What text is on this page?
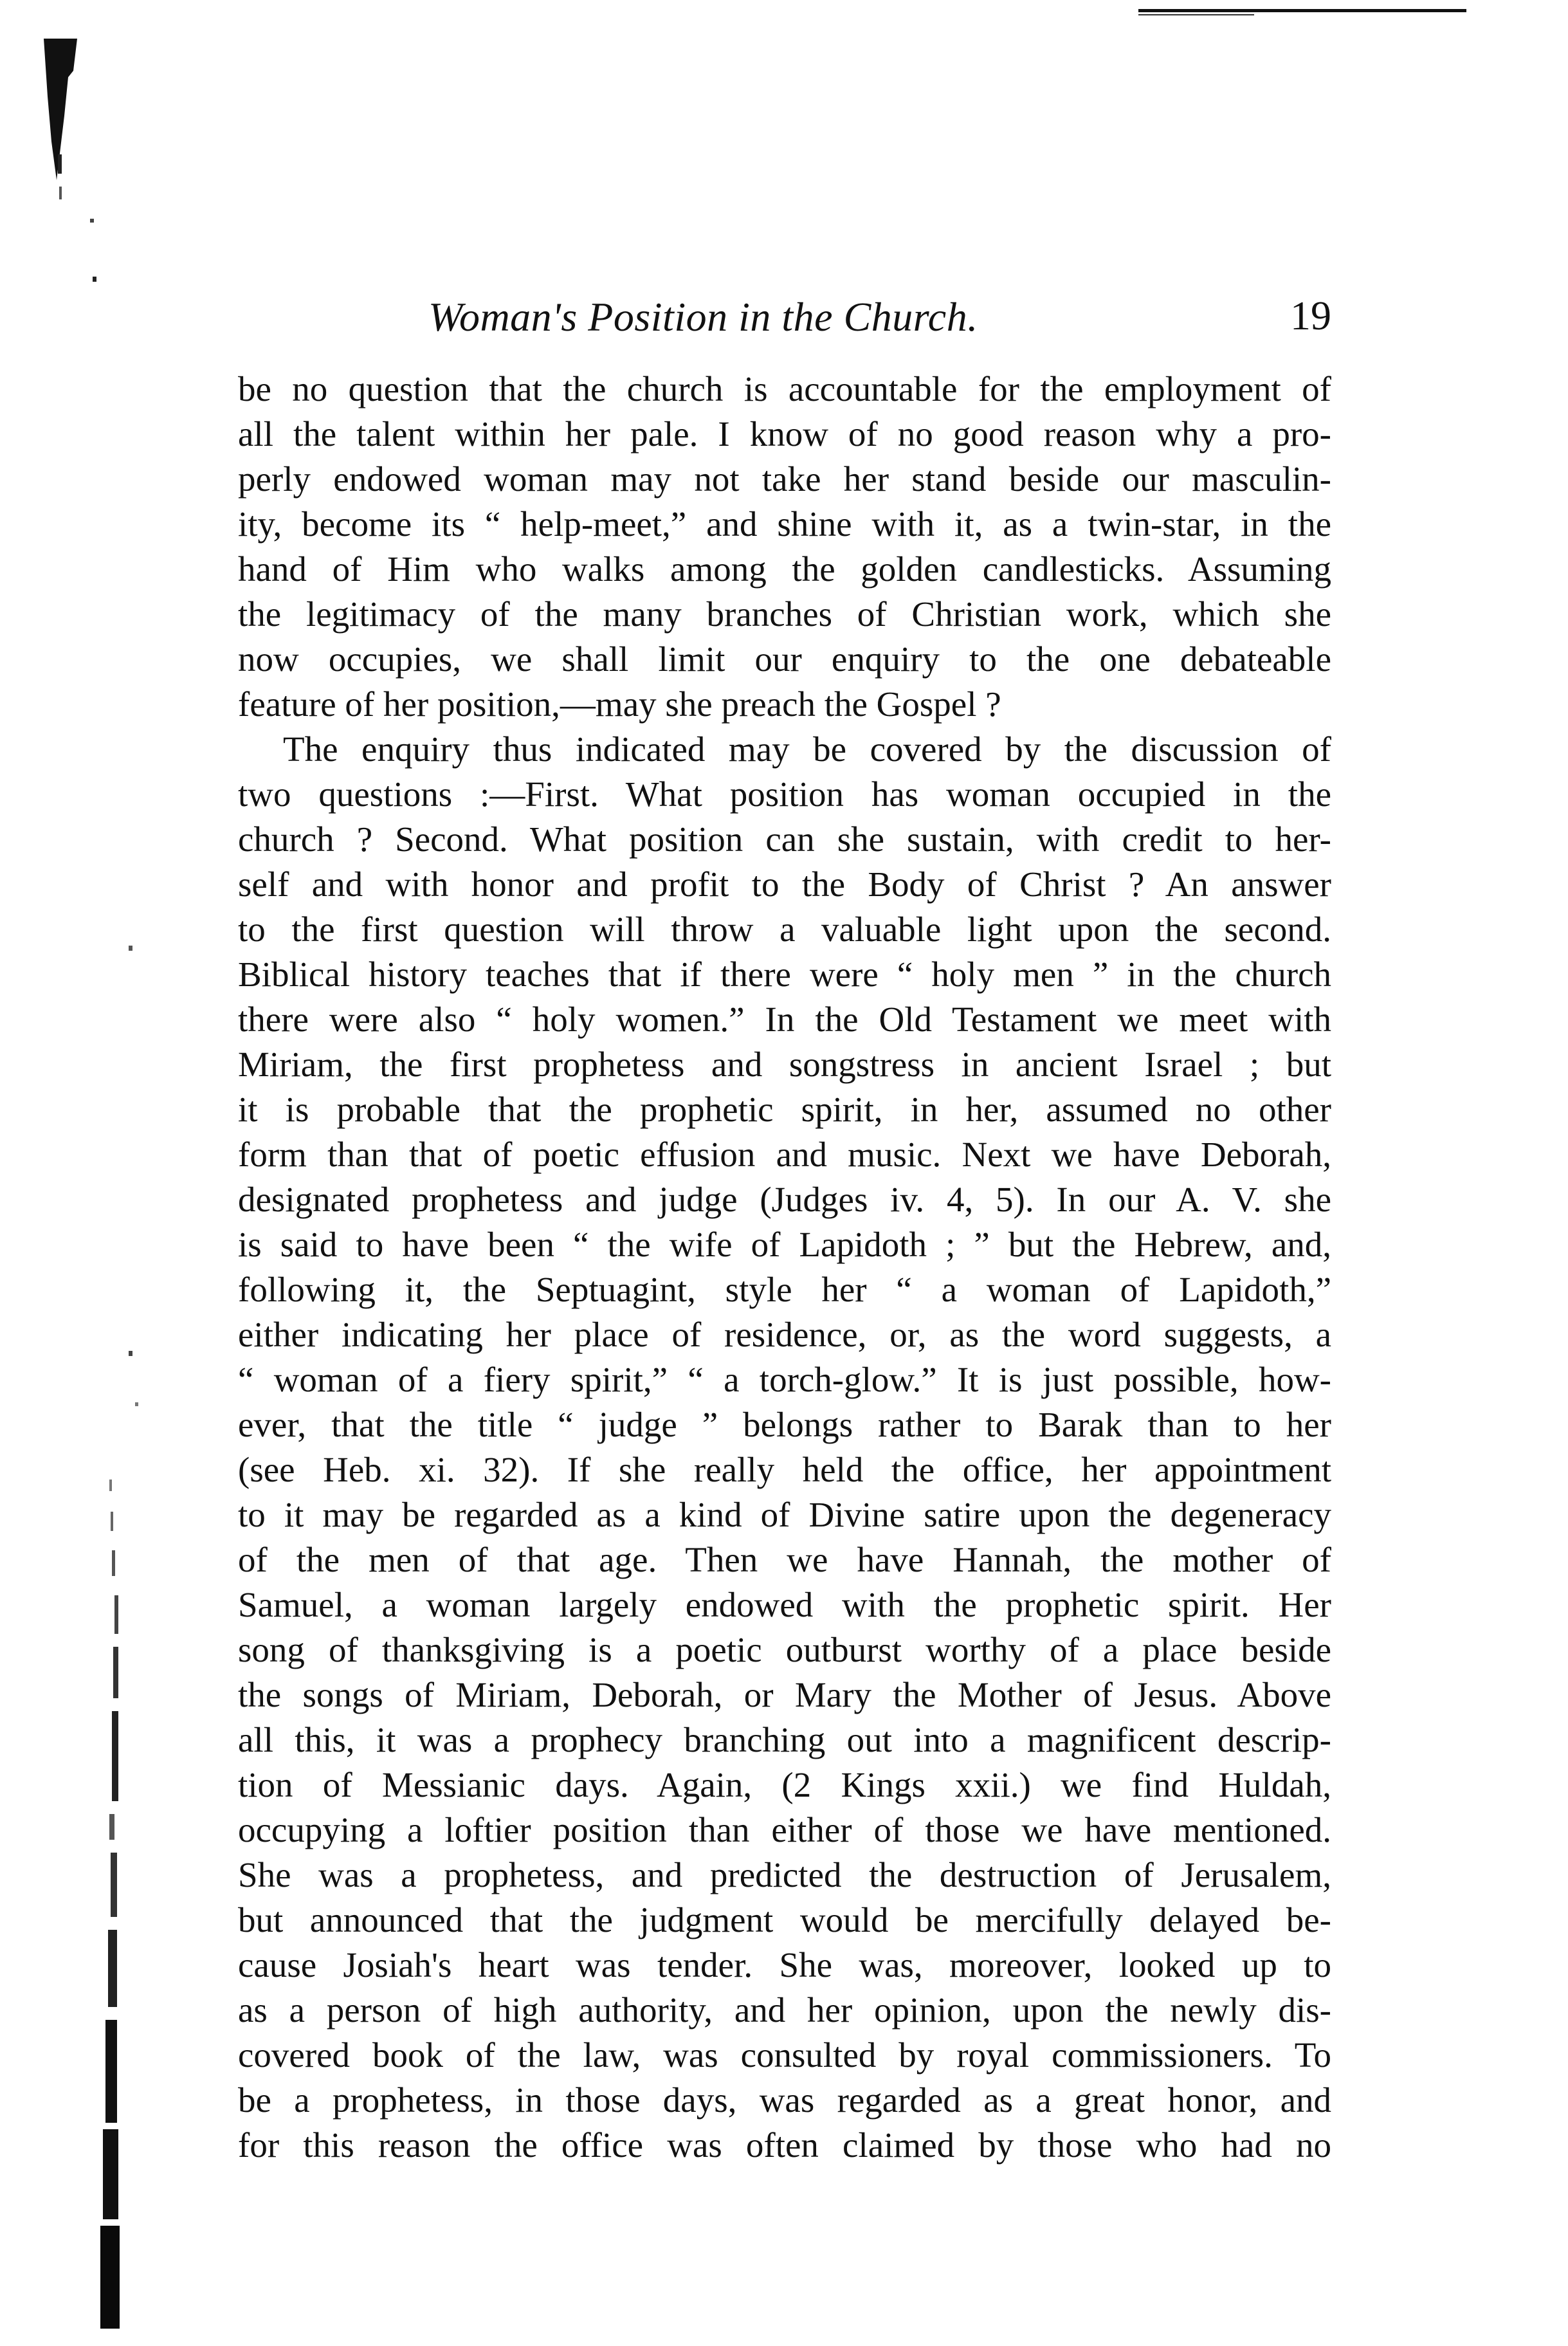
Woman's Position in the Church.	19
be no question that the church is accountable for the employment of
all the talent within her pale. I know of no good reason why a pro-
perly endowed woman may not take her stand beside our masculin-
ity, become its “ help-meet,” and shine with it, as a twin-star, in the
hand of Him who walks among the golden candlesticks. Assuming
the legitimacy of the many branches of Christian work, which she
now occupies, we shall limit our enquiry to the one debateable
feature of her position,—may she preach the Gospel ?
The enquiry thus indicated may be covered by the discussion of
two questions :—First. What position has woman occupied in the
church ? Second. What position can she sustain, with credit to her-
self and with honor and profit to the Body of Christ ? An answer
to the first question will throw a valuable light upon the second.
Biblical history teaches that if there were “ holy men ” in the church
there were also “ holy women.” In the Old Testament we meet with
Miriam, the first prophetess and songstress in ancient Israel ; but
it is probable that the prophetic spirit, in her, assumed no other
form than that of poetic effusion and music. Next we have Deborah,
designated prophetess and judge (Judges iv. 4, 5). In our A. V. she
is said to have been “ the wife of Lapidoth ; ” but the Hebrew, and,
following it, the Septuagint, style her “ a woman of Lapidoth,”
either indicating her place of residence, or, as the word suggests, a
“ woman of a fiery spirit,” “ a torch-glow.” It is just possible, how-
ever, that the title “ judge ” belongs rather to Barak than to her
(see Heb. xi. 32). If she really held the office, her appointment
to it may be regarded as a kind of Divine satire upon the degeneracy
of the men of that age. Then we have Hannah, the mother of
Samuel, a woman largely endowed with the prophetic spirit. Her
song of thanksgiving is a poetic outburst worthy of a place beside
the songs of Miriam, Deborah, or Mary the Mother of Jesus. Above
all this, it was a prophecy branching out into a magnificent descrip-
tion of Messianic days. Again, (2 Kings xxii.) we find Huldah,
occupying a loftier position than either of those we have mentioned.
She was a prophetess, and predicted the destruction of Jerusalem,
but announced that the judgment would be mercifully delayed be-
cause Josiah's heart was tender. She was, moreover, looked up to
as a person of high authority, and her opinion, upon the newly dis-
covered book of the law, was consulted by royal commissioners. To
be a prophetess, in those days, was regarded as a great honor, and
for this reason the office was often claimed by those who had no
